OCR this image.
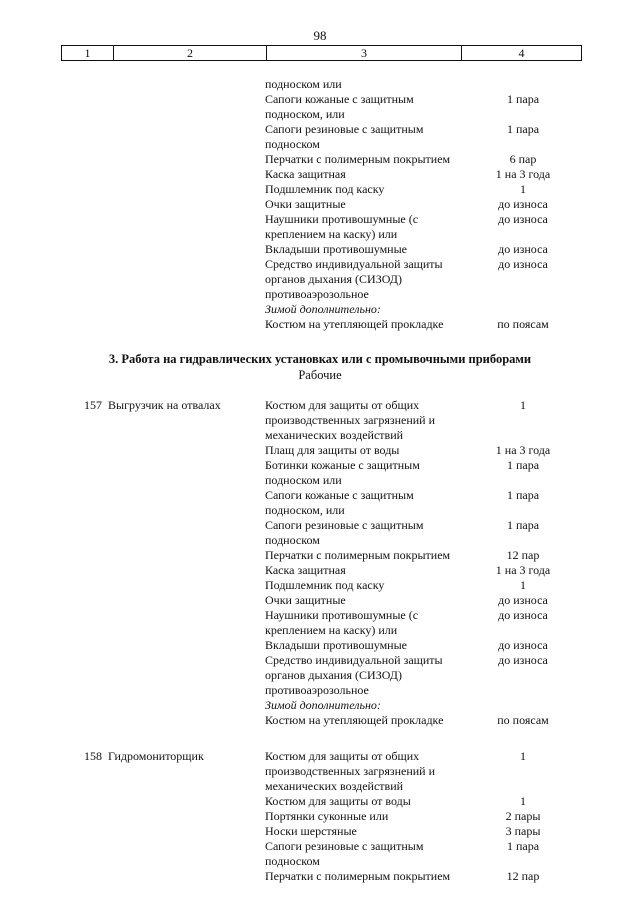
98
1	2	3	4
подноском или
Сапоги кожаные с защитным	1 пара
подноском, или
Сапоги резиновые с защитным	1 пара
подноском
Перчатки с полимерным покрытием	6 пар
Каска защитная	1 на 3 года
Подшлемник под каску	1
Очки защитные	до износа
Наушники противошумные (с	до износа
креплением на каску) или
Вкладыши противошумные	до износа
Средство индивидуальной защиты	до износа
органов дыхания (СИЗОД)
противоаэрозольное
Зимой дополнительно:
Костюм на утепляющей прокладке	по поясам
3. Работа на гидравлических установках или с промывочными приборами
Рабочие
157 Выгрузчик на отвалах	Костюм для защиты от общих	1
производственных загрязнений и
механических воздействий
Плащ для защиты от воды	1 на 3 года
Ботинки кожаные с защитным	1 пара
подноском или
Сапоги кожаные с защитным	1 пара
подноском, или
Сапоги резиновые с защитным	1 пара
подноском
Перчатки с полимерным покрытием	12 пар
Каска защитная	1 на 3 года
Подшлемник под каску	1
Очки защитные	до износа
Наушники противошумные (с	до износа
креплением на каску) или
Вкладыши противошумные	до износа
Средство индивидуальной защиты	до износа
органов дыхания (СИЗОД)
противоаэрозольное
Зимой дополнительно:
Костюм на утепляющей прокладке	по поясам
158 Гидромониторщик	Костюм для защиты от общих	1
производственных загрязнений и
механических воздействий
Костюм для защиты от воды	1
Портянки суконные или	2 пары
Носки шерстяные	3 пары
Сапоги резиновые с защитным	1 пара
подноском
Перчатки с полимерным покрытием	12 пар
